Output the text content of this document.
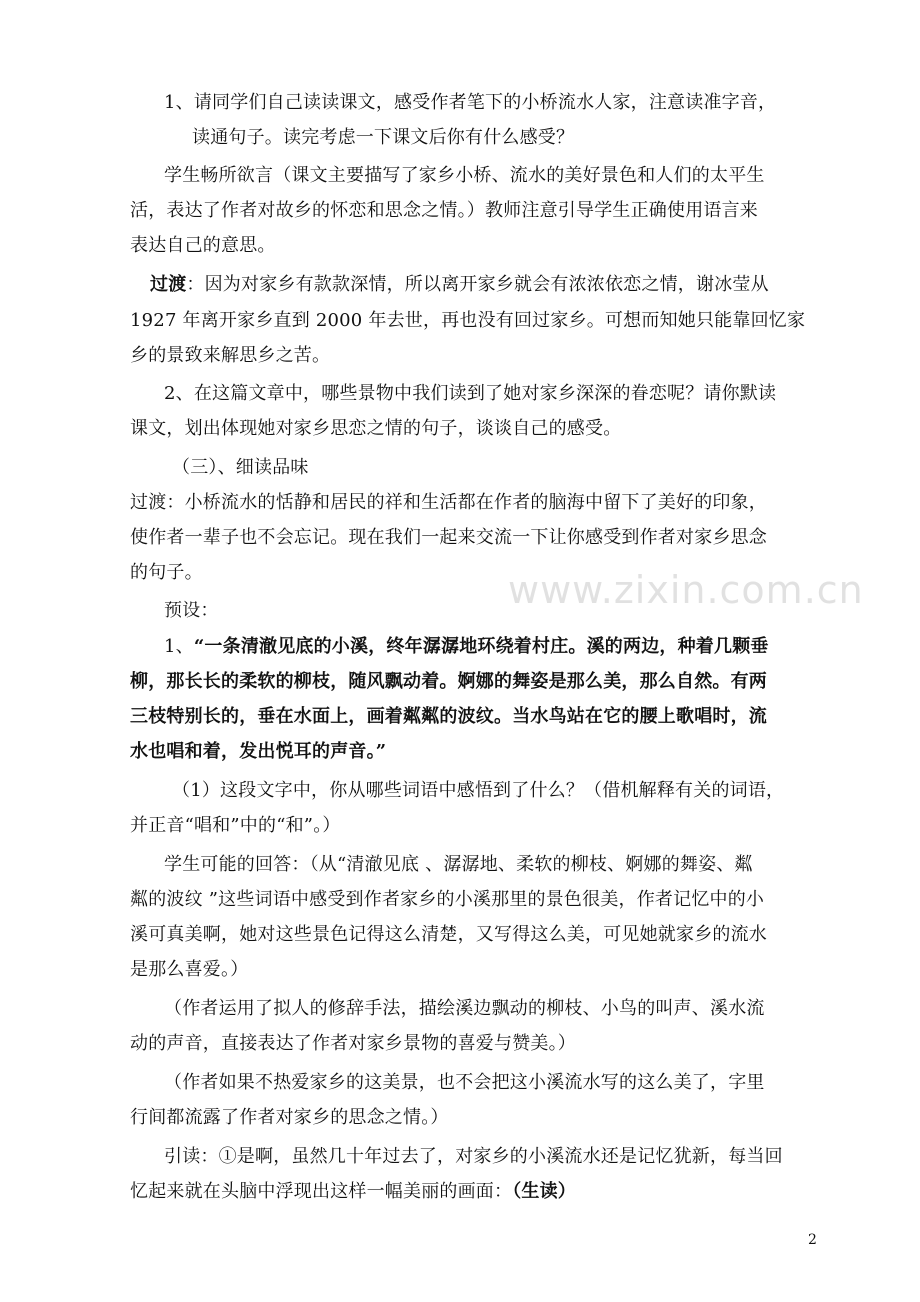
1、请同学们自己读读课文，感受作者笔下的小桥流水人家，注意读准字音，
读通句子。读完考虑一下课文后你有什么感受？
学生畅所欲言（课文主要描写了家乡小桥、流水的美好景色和人们的太平生
活，表达了作者对故乡的怀恋和思念之情。）教师注意引导学生正确使用语言来
表达自己的意思。
过渡：因为对家乡有款款深情，所以离开家乡就会有浓浓依恋之情，谢冰莹从
1927 年离开家乡直到 2000 年去世，再也没有回过家乡。可想而知她只能靠回忆家
乡的景致来解思乡之苦。
2、在这篇文章中，哪些景物中我们读到了她对家乡深深的眷恋呢？请你默读
课文，划出体现她对家乡思恋之情的句子，谈谈自己的感受。
（三）、细读品味
过渡：小桥流水的恬静和居民的祥和生活都在作者的脑海中留下了美好的印象，
使作者一辈子也不会忘记。现在我们一起来交流一下让你感受到作者对家乡思念
的句子。
预设：
1、“一条清澈见底的小溪，终年潺潺地环绕着村庄。溪的两边，种着几颗垂
柳，那长长的柔软的柳枝，随风飘动着。婀娜的舞姿是那么美，那么自然。有两
三枝特别长的，垂在水面上，画着粼粼的波纹。当水鸟站在它的腰上歌唱时，流
水也唱和着，发出悦耳的声音。”
（1）这段文字中，你从哪些词语中感悟到了什么？（借机解释有关的词语，
并正音“唱和”中的“和”。）
学生可能的回答：（从“清澈见底 、潺潺地、柔软的柳枝、婀娜的舞姿、粼
粼的波纹 ”这些词语中感受到作者家乡的小溪那里的景色很美，作者记忆中的小
溪可真美啊，她对这些景色记得这么清楚，又写得这么美，可见她就家乡的流水
是那么喜爱。）
（作者运用了拟人的修辞手法，描绘溪边飘动的柳枝、小鸟的叫声、溪水流
动的声音，直接表达了作者对家乡景物的喜爱与赞美。）
（作者如果不热爱家乡的这美景，也不会把这小溪流水写的这么美了，字里
行间都流露了作者对家乡的思念之情。）
引读：①是啊，虽然几十年过去了，对家乡的小溪流水还是记忆犹新，每当回
忆起来就在头脑中浮现出这样一幅美丽的画面：（生读）
www.zixin.com.cn
2
